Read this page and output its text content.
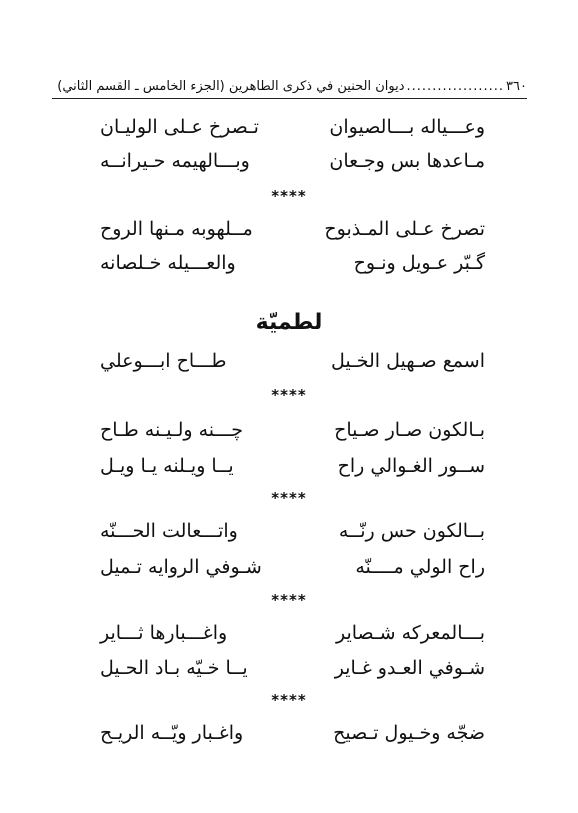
٣٦٠
...................
ديوان الحنين في ذكرى الطاهرين (الجزء الخامس ـ القسم الثاني)
وعـــياله بـــالصيوان
تـصرخ عـلى الوليـان
مـاعدها بس وجـعان
وبـــالهيمه حـيرانــه
****
تصرخ عـلى المـذبوح
مــلهوبه مـنها الروح
گـبّر عـويل ونـوح
والعـــيله خـلصانه
لطميّة
اسمع صـهيل الخـيل
طـــاح ابـــوعلي
****
بـالكون صـار صـياح
چـــنه ولـيـنه طـاح
ســور الغـوالي راح
يــا ويـلنه يـا ويـل
****
بــالكون حس رنّــه
واتـــعالت الحـــنّه
راح الولي مــــنّه
شـوفي الروايه تـميل
****
بـــالمعركه شـصاير
واغـــبارها ثـــاير
شـوفي العـدو غـاير
يــا خـيّه بـاد الحـيل
****
ضجّه وخـيول تـصيح
واغـبار ويّــه الريـح
